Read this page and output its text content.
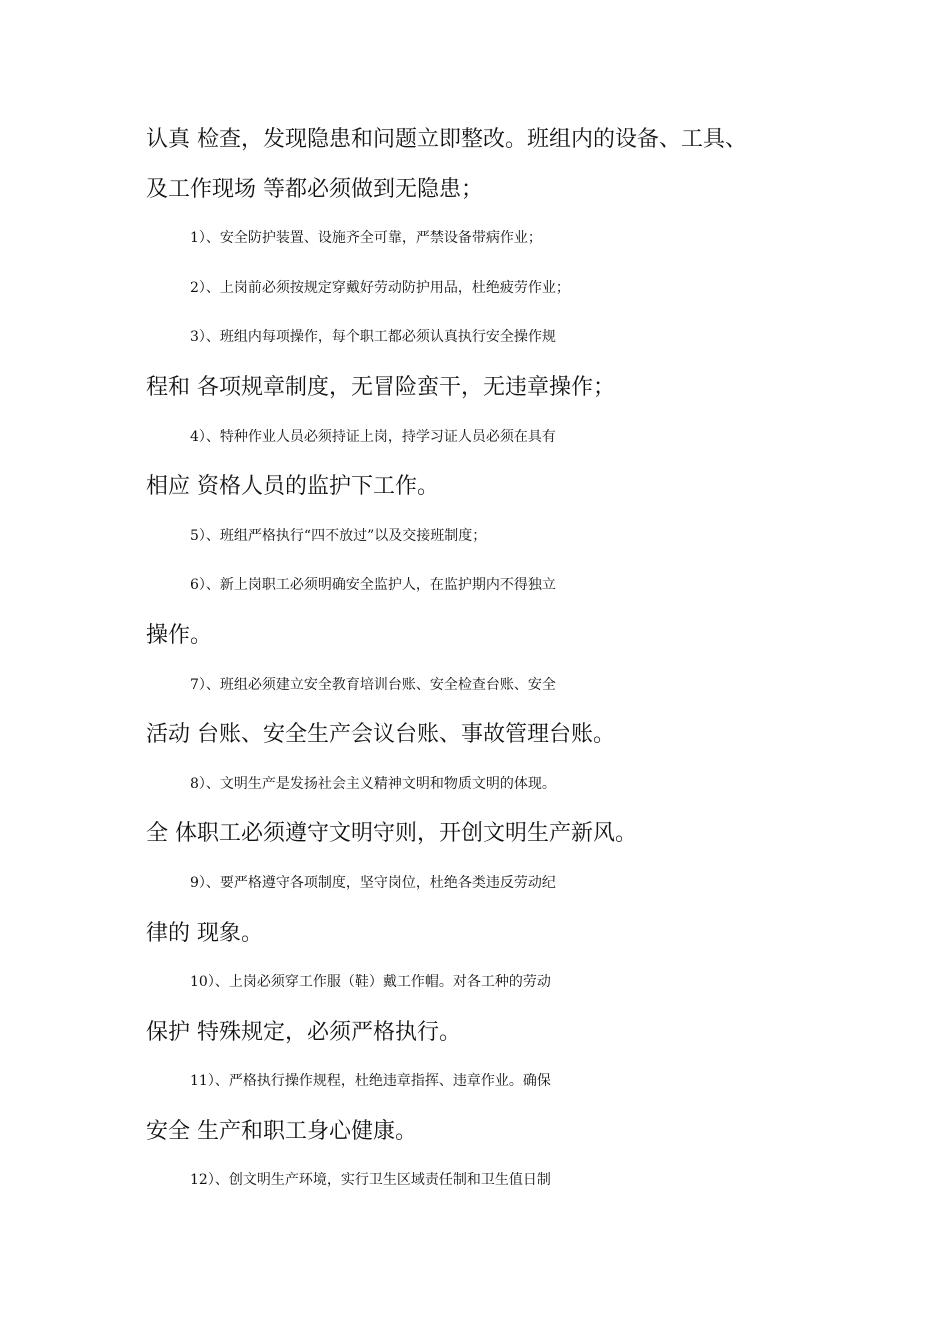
认真 检查，发现隐患和问题立即整改。班组内的设备、工具、
及工作现场 等都必须做到无隐患；
1）、安全防护装置、设施齐全可靠，严禁设备带病作业；
2）、上岗前必须按规定穿戴好劳动防护用品，杜绝疲劳作业；
3）、班组内每项操作，每个职工都必须认真执行安全操作规
程和 各项规章制度，无冒险蛮干，无违章操作；
4）、特种作业人员必须持证上岗，持学习证人员必须在具有
相应 资格人员的监护下工作。
5）、班组严格执行“四不放过”以及交接班制度；
6）、新上岗职工必须明确安全监护人，在监护期内不得独立
操作。
7）、班组必须建立安全教育培训台账、安全检查台账、安全
活动 台账、安全生产会议台账、事故管理台账。
8）、文明生产是发扬社会主义精神文明和物质文明的体现。
全 体职工必须遵守文明守则，开创文明生产新风。
9）、要严格遵守各项制度，坚守岗位，杜绝各类违反劳动纪
律的 现象。
10）、上岗必须穿工作服（鞋）戴工作帽。对各工种的劳动
保护 特殊规定，必须严格执行。
11）、严格执行操作规程，杜绝违章指挥、违章作业。确保
安全 生产和职工身心健康。
12）、创文明生产环境，实行卫生区域责任制和卫生值日制
